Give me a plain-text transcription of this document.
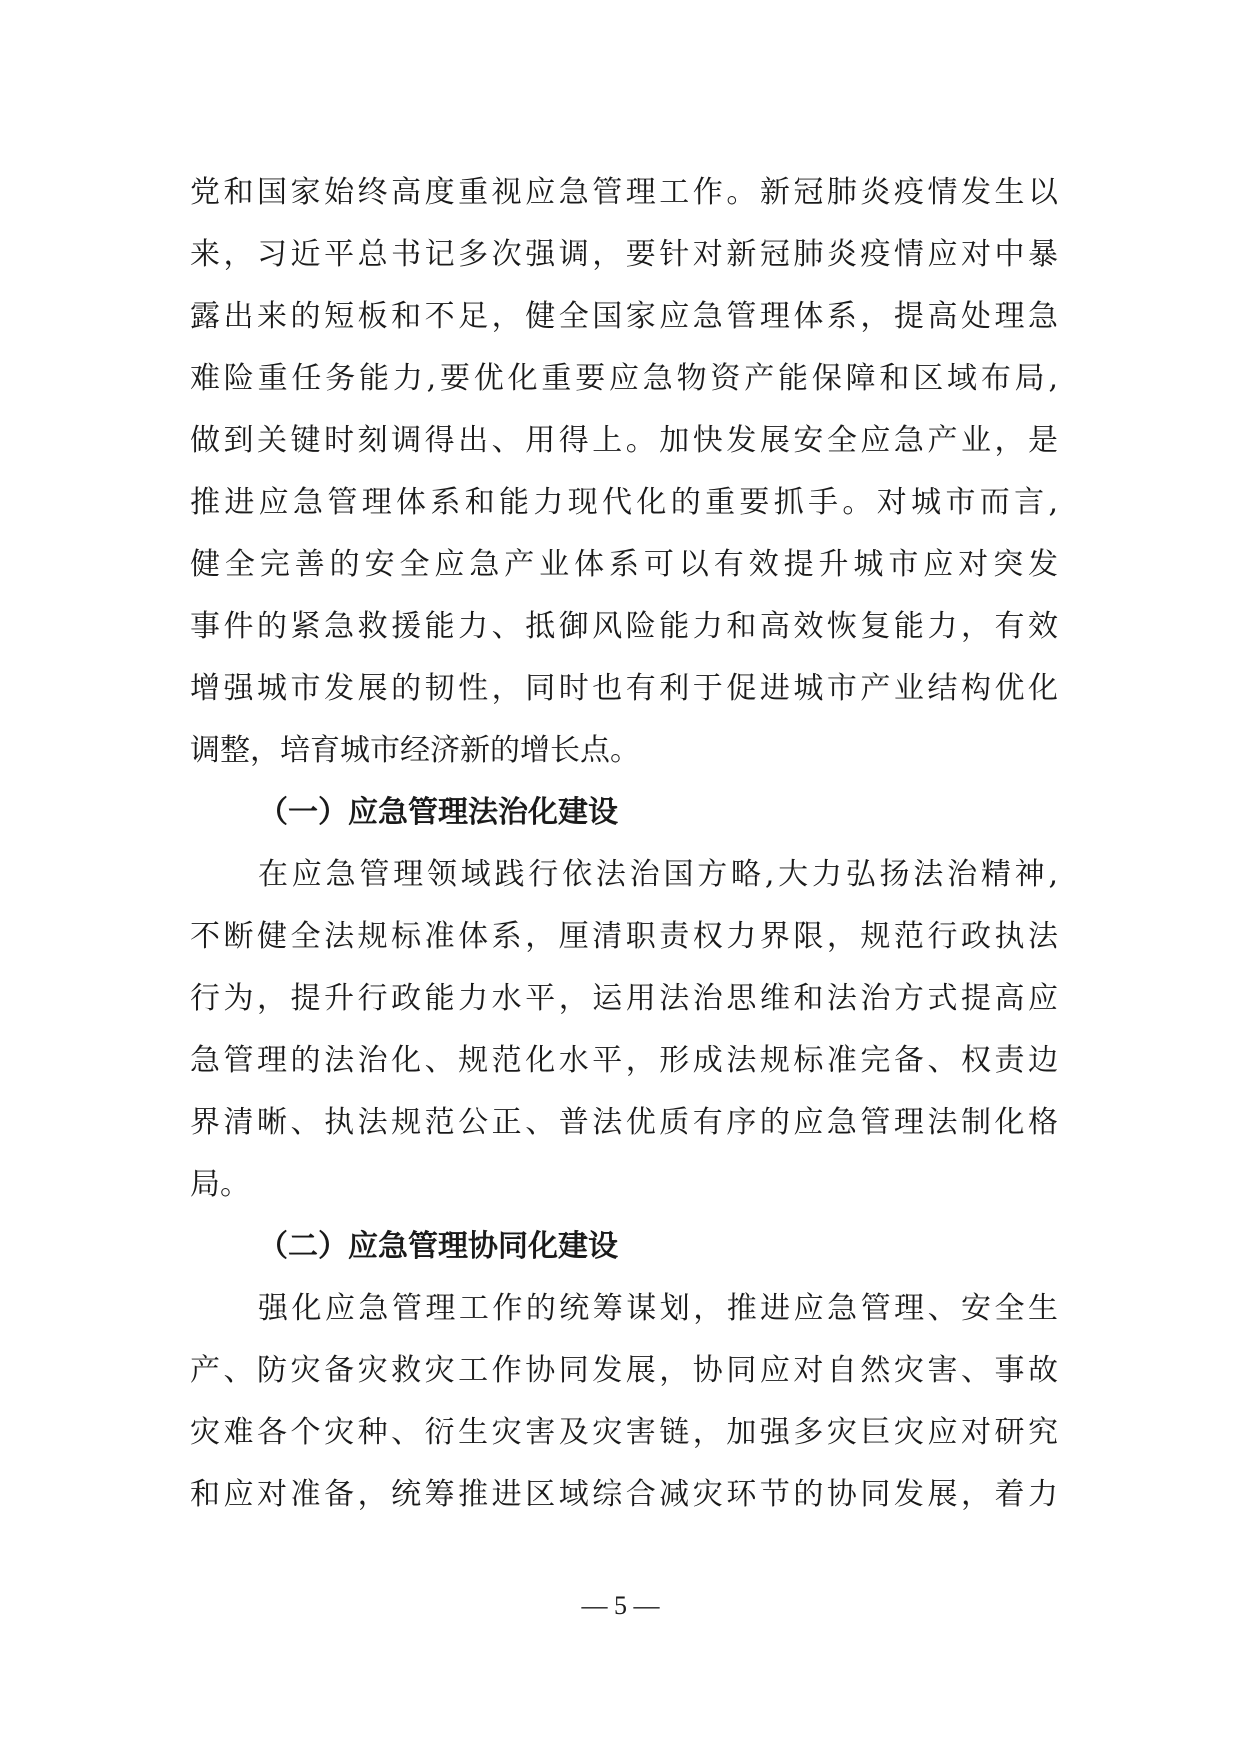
党和国家始终高度重视应急管理工作。新冠肺炎疫情发生以
来，习近平总书记多次强调，要针对新冠肺炎疫情应对中暴
露出来的短板和不足，健全国家应急管理体系，提高处理急
难险重任务能力,要优化重要应急物资产能保障和区域布局,
做到关键时刻调得出、用得上。加快发展安全应急产业，是
推进应急管理体系和能力现代化的重要抓手。对城市而言,
健全完善的安全应急产业体系可以有效提升城市应对突发
事件的紧急救援能力、抵御风险能力和高效恢复能力，有效
增强城市发展的韧性，同时也有利于促进城市产业结构优化
调整，培育城市经济新的增长点。
（一）应急管理法治化建设
在应急管理领域践行依法治国方略,大力弘扬法治精神,
不断健全法规标准体系，厘清职责权力界限，规范行政执法
行为，提升行政能力水平，运用法治思维和法治方式提高应
急管理的法治化、规范化水平，形成法规标准完备、权责边
界清晰、执法规范公正、普法优质有序的应急管理法制化格
局。
（二）应急管理协同化建设
强化应急管理工作的统筹谋划，推进应急管理、安全生
产、防灾备灾救灾工作协同发展，协同应对自然灾害、事故
灾难各个灾种、衍生灾害及灾害链，加强多灾巨灾应对研究
和应对准备，统筹推进区域综合减灾环节的协同发展，着力
— 5 —
